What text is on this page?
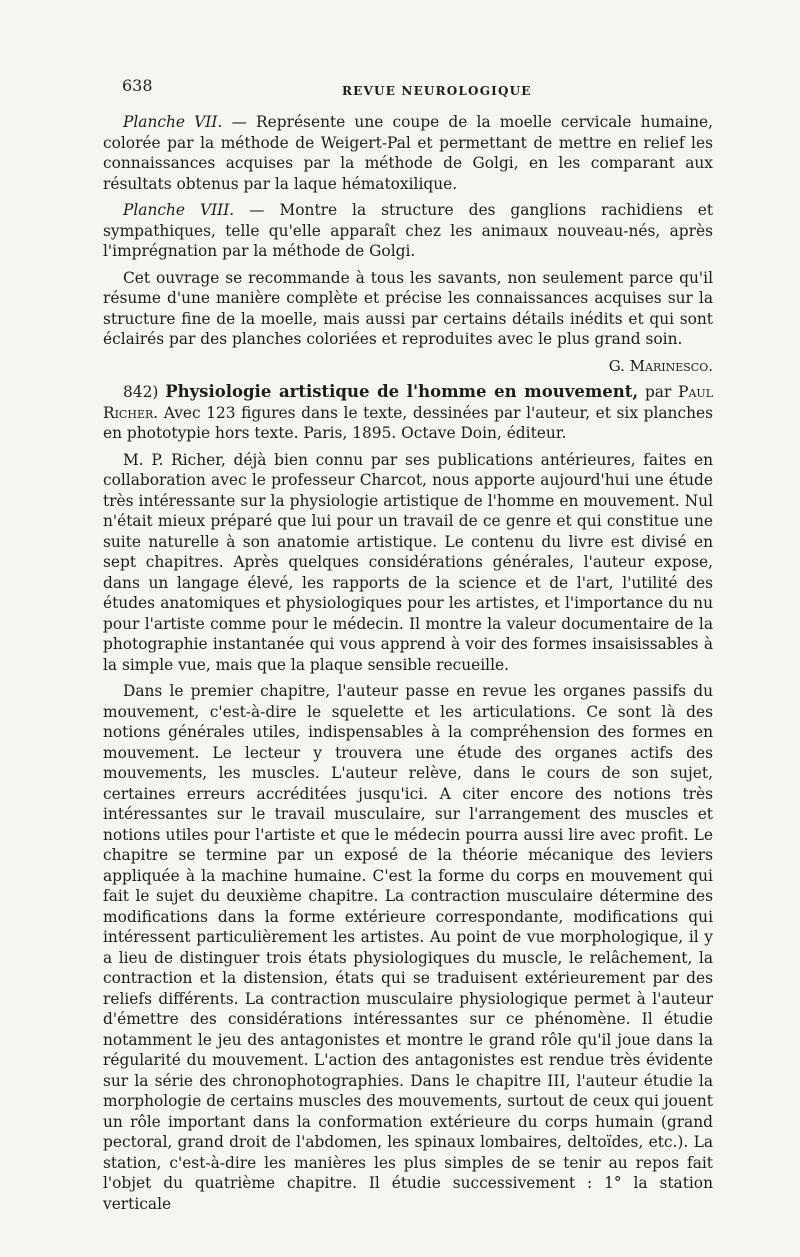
638	REVUE NEUROLOGIQUE

Planche VII. — Représente une coupe de la moelle cervicale humaine, colorée par la méthode de Weigert-Pal et permettant de mettre en relief les connaissances acquises par la méthode de Golgi, en les comparant aux résultats obtenus par la laque hématoxilique.

Planche VIII. — Montre la structure des ganglions rachidiens et sympathiques, telle qu'elle apparaît chez les animaux nouveau-nés, après l'imprégnation par la méthode de Golgi.

Cet ouvrage se recommande à tous les savants, non seulement parce qu'il résume d'une manière complète et précise les connaissances acquises sur la structure fine de la moelle, mais aussi par certains détails inédits et qui sont éclairés par des planches coloriées et reproduites avec le plus grand soin.

G. Marinesco.

842) Physiologie artistique de l'homme en mouvement, par Paul Richer. Avec 123 figures dans le texte, dessinées par l'auteur, et six planches en phototypie hors texte. Paris, 1895. Octave Doin, éditeur.

M. P. Richer, déjà bien connu par ses publications antérieures, faites en collaboration avec le professeur Charcot, nous apporte aujourd'hui une étude très intéressante sur la physiologie artistique de l'homme en mouvement. Nul n'était mieux préparé que lui pour un travail de ce genre et qui constitue une suite naturelle à son anatomie artistique. Le contenu du livre est divisé en sept chapitres. Après quelques considérations générales, l'auteur expose, dans un langage élevé, les rapports de la science et de l'art, l'utilité des études anatomiques et physiologiques pour les artistes, et l'importance du nu pour l'artiste comme pour le médecin. Il montre la valeur documentaire de la photographie instantanée qui vous apprend à voir des formes insaisissables à la simple vue, mais que la plaque sensible recueille.

Dans le premier chapitre, l'auteur passe en revue les organes passifs du mouvement, c'est-à-dire le squelette et les articulations. Ce sont là des notions générales utiles, indispensables à la compréhension des formes en mouvement. Le lecteur y trouvera une étude des organes actifs des mouvements, les muscles. L'auteur relève, dans le cours de son sujet, certaines erreurs accréditées jusqu'ici. A citer encore des notions très intéressantes sur le travail musculaire, sur l'arrangement des muscles et notions utiles pour l'artiste et que le médecin pourra aussi lire avec profit. Le chapitre se termine par un exposé de la théorie mécanique des leviers appliquée à la machine humaine. C'est la forme du corps en mouvement qui fait le sujet du deuxième chapitre. La contraction musculaire détermine des modifications dans la forme extérieure correspondante, modifications qui intéressent particulièrement les artistes. Au point de vue morphologique, il y a lieu de distinguer trois états physiologiques du muscle, le relâchement, la contraction et la distension, états qui se traduisent extérieurement par des reliefs différents. La contraction musculaire physiologique permet à l'auteur d'émettre des considérations intéressantes sur ce phénomène. Il étudie notamment le jeu des antagonistes et montre le grand rôle qu'il joue dans la régularité du mouvement. L'action des antagonistes est rendue très évidente sur la série des chronophotographies. Dans le chapitre III, l'auteur étudie la morphologie de certains muscles des mouvements, surtout de ceux qui jouent un rôle important dans la conformation extérieure du corps humain (grand pectoral, grand droit de l'abdomen, les spinaux lombaires, deltoïdes, etc.). La station, c'est-à-dire les manières les plus simples de se tenir au repos fait l'objet du quatrième chapitre. Il étudie successivement : 1° la station verticale
